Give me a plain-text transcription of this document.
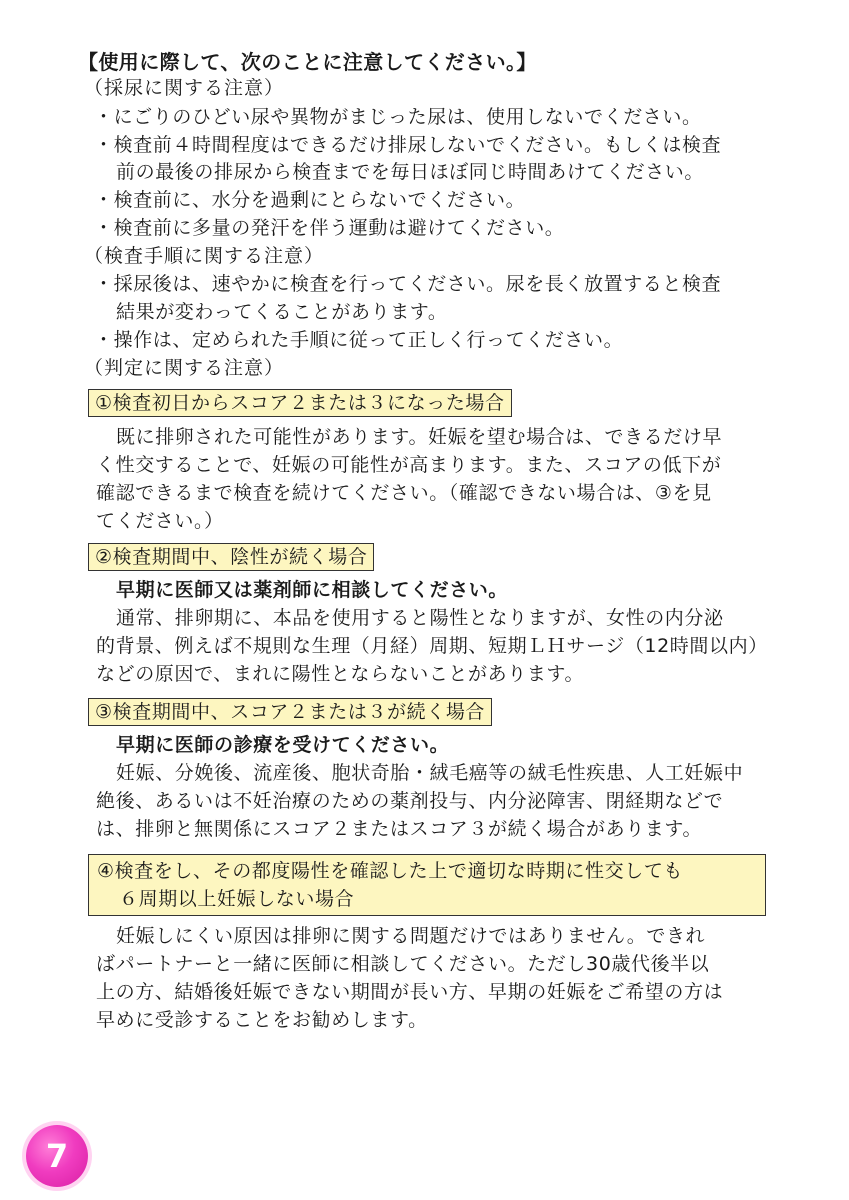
【使用に際して、次のことに注意してください。】
（採尿に関する注意）
・にごりのひどい尿や異物がまじった尿は、使用しないでください。
・検査前４時間程度はできるだけ排尿しないでください。もしくは検査
前の最後の排尿から検査までを毎日ほぼ同じ時間あけてください。
・検査前に、水分を過剰にとらないでください。
・検査前に多量の発汗を伴う運動は避けてください。
（検査手順に関する注意）
・採尿後は、速やかに検査を行ってください。尿を長く放置すると検査
結果が変わってくることがあります。
・操作は、定められた手順に従って正しく行ってください。
（判定に関する注意）
①検査初日からスコア２または３になった場合
既に排卵された可能性があります。妊娠を望む場合は、できるだけ早
く性交することで、妊娠の可能性が高まります。また、スコアの低下が
確認できるまで検査を続けてください。（確認できない場合は、③を見
てください。）
②検査期間中、陰性が続く場合
早期に医師又は薬剤師に相談してください。
通常、排卵期に、本品を使用すると陽性となりますが、女性の内分泌
的背景、例えば不規則な生理（月経）周期、短期ＬＨサージ（12時間以内）
などの原因で、まれに陽性とならないことがあります。
③検査期間中、スコア２または３が続く場合
早期に医師の診療を受けてください。
妊娠、分娩後、流産後、胞状奇胎・絨毛癌等の絨毛性疾患、人工妊娠中
絶後、あるいは不妊治療のための薬剤投与、内分泌障害、閉経期などで
は、排卵と無関係にスコア２またはスコア３が続く場合があります。
④検査をし、その都度陽性を確認した上で適切な時期に性交しても
６周期以上妊娠しない場合
妊娠しにくい原因は排卵に関する問題だけではありません。できれ
ばパートナーと一緒に医師に相談してください。ただし30歳代後半以
上の方、結婚後妊娠できない期間が長い方、早期の妊娠をご希望の方は
早めに受診することをお勧めします。
7
